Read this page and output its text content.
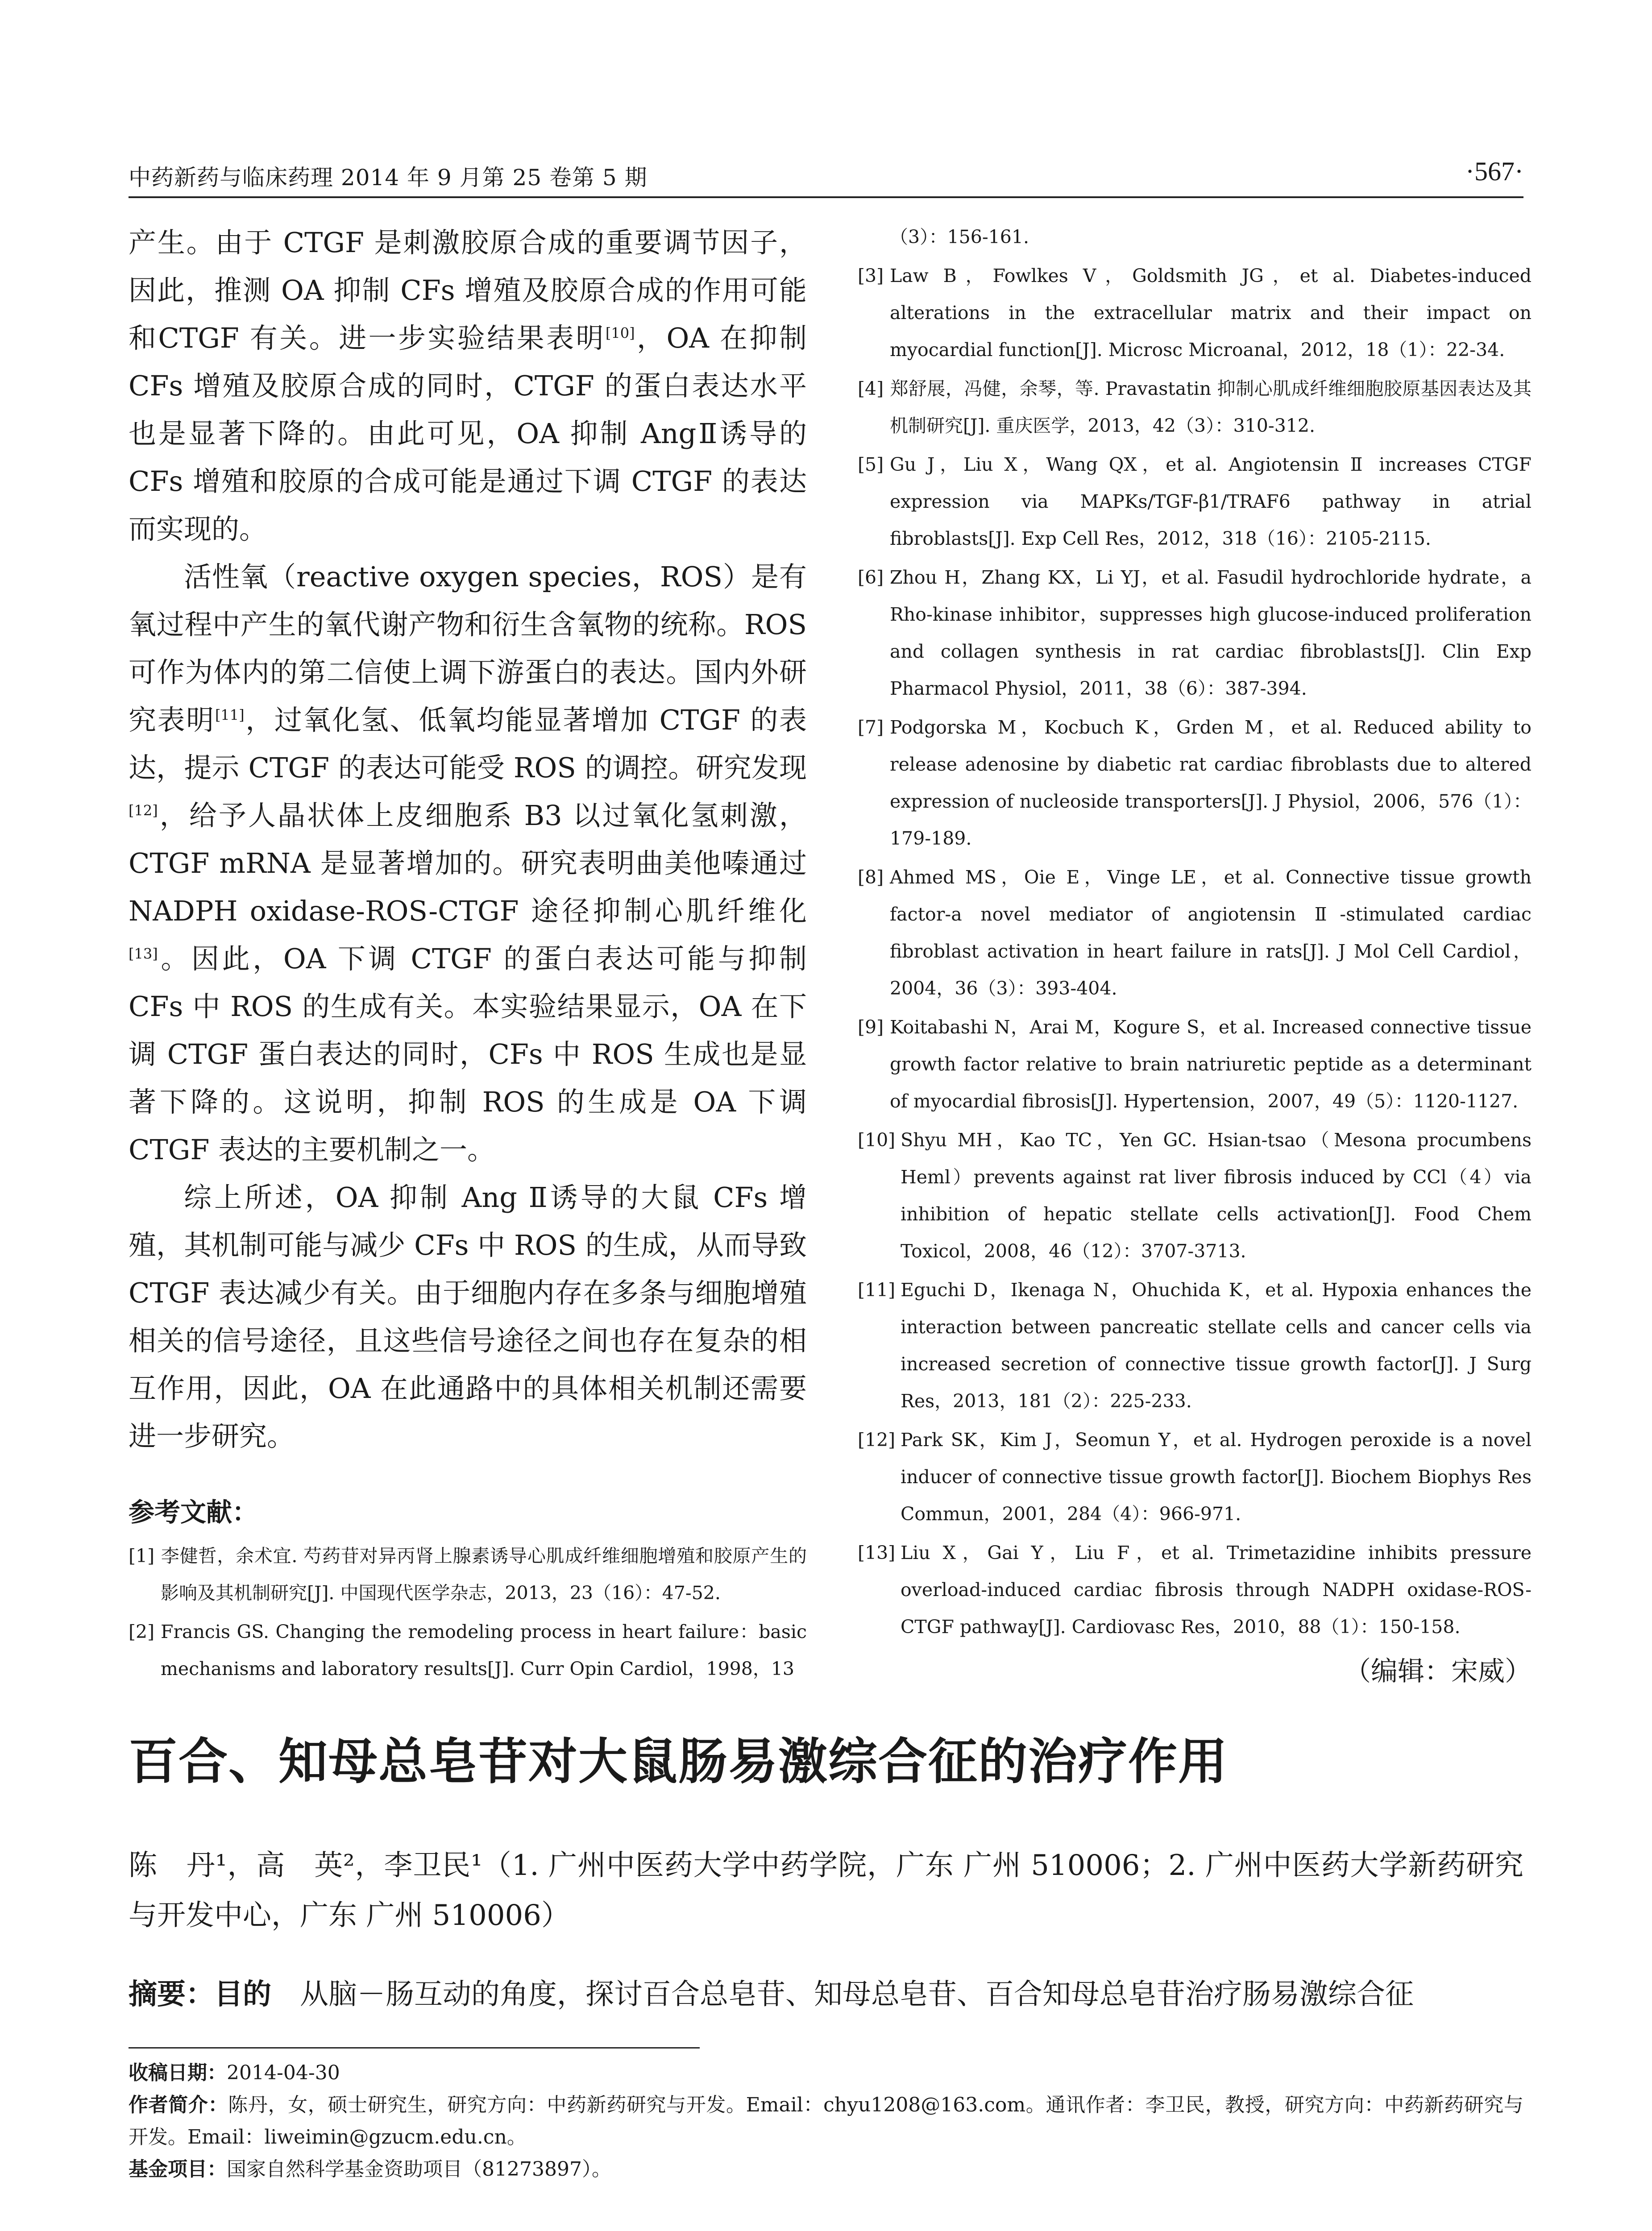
中药新药与临床药理 2014 年 9 月第 25 卷第 5 期	·567·

产生。由于 CTGF 是刺激胶原合成的重要调节因子，因此，推测 OA 抑制 CFs 增殖及胶原合成的作用可能和CTGF 有关。进一步实验结果表明[10]，OA 在抑制 CFs 增殖及胶原合成的同时，CTGF 的蛋白表达水平也是显著下降的。由此可见，OA 抑制 AngⅡ诱导的 CFs 增殖和胶原的合成可能是通过下调 CTGF 的表达而实现的。

活性氧（reactive oxygen species，ROS）是有氧过程中产生的氧代谢产物和衍生含氧物的统称。ROS 可作为体内的第二信使上调下游蛋白的表达。国内外研究表明[11]，过氧化氢、低氧均能显著增加 CTGF 的表达，提示 CTGF 的表达可能受 ROS 的调控。研究发现[12]，给予人晶状体上皮细胞系 B3 以过氧化氢刺激，CTGF mRNA 是显著增加的。研究表明曲美他嗪通过 NADPH oxidase-ROS-CTGF 途径抑制心肌纤维化[13]。因此，OA 下调 CTGF 的蛋白表达可能与抑制 CFs 中 ROS 的生成有关。本实验结果显示，OA 在下调 CTGF 蛋白表达的同时，CFs 中 ROS 生成也是显著下降的。这说明，抑制 ROS 的生成是 OA 下调 CTGF 表达的主要机制之一。

综上所述，OA 抑制 Ang Ⅱ诱导的大鼠 CFs 增殖，其机制可能与减少 CFs 中 ROS 的生成，从而导致 CTGF 表达减少有关。由于细胞内存在多条与细胞增殖相关的信号途径，且这些信号途径之间也存在复杂的相互作用，因此，OA 在此通路中的具体相关机制还需要进一步研究。

参考文献：

[1] 李健哲，余术宜. 芍药苷对异丙肾上腺素诱导心肌成纤维细胞增殖和胶原产生的影响及其机制研究[J]. 中国现代医学杂志，2013，23（16）：47-52.

[2] Francis GS. Changing the remodeling process in heart failure：basic mechanisms and laboratory results[J]. Curr Opin Cardiol，1998，13

（3）：156-161.

[3] Law B，Fowlkes V，Goldsmith JG，et al. Diabetes-induced alterations in the extracellular matrix and their impact on myocardial function[J]. Microsc Microanal，2012，18（1）：22-34.

[4] 郑舒展，冯健，余琴，等. Pravastatin 抑制心肌成纤维细胞胶原基因表达及其机制研究[J]. 重庆医学，2013，42（3）：310-312.

[5] Gu J，Liu X，Wang QX，et al. Angiotensin Ⅱ increases CTGF expression via MAPKs/TGF-β1/TRAF6 pathway in atrial fibroblasts[J]. Exp Cell Res，2012，318（16）：2105-2115.

[6] Zhou H，Zhang KX，Li YJ，et al. Fasudil hydrochloride hydrate，a Rho-kinase inhibitor，suppresses high glucose-induced proliferation and collagen synthesis in rat cardiac fibroblasts[J]. Clin Exp Pharmacol Physiol，2011，38（6）：387-394.

[7] Podgorska M，Kocbuch K，Grden M，et al. Reduced ability to release adenosine by diabetic rat cardiac fibroblasts due to altered expression of nucleoside transporters[J]. J Physiol，2006，576（1）：179-189.

[8] Ahmed MS，Oie E，Vinge LE，et al. Connective tissue growth factor-a novel mediator of angiotensin Ⅱ-stimulated cardiac fibroblast activation in heart failure in rats[J]. J Mol Cell Cardiol，2004，36（3）：393-404.

[9] Koitabashi N，Arai M，Kogure S，et al. Increased connective tissue growth factor relative to brain natriuretic peptide as a determinant of myocardial fibrosis[J]. Hypertension，2007，49（5）：1120-1127.

[10] Shyu MH，Kao TC，Yen GC. Hsian-tsao（Mesona procumbens Heml）prevents against rat liver fibrosis induced by CCl（4）via inhibition of hepatic stellate cells activation[J]. Food Chem Toxicol，2008，46（12）：3707-3713.

[11] Eguchi D，Ikenaga N，Ohuchida K，et al. Hypoxia enhances the interaction between pancreatic stellate cells and cancer cells via increased secretion of connective tissue growth factor[J]. J Surg Res，2013，181（2）：225-233.

[12] Park SK，Kim J，Seomun Y，et al. Hydrogen peroxide is a novel inducer of connective tissue growth factor[J]. Biochem Biophys Res Commun，2001，284（4）：966-971.

[13] Liu X，Gai Y，Liu F，et al. Trimetazidine inhibits pressure overload-induced cardiac fibrosis through NADPH oxidase-ROS-CTGF pathway[J]. Cardiovasc Res，2010，88（1）：150-158.

（编辑：宋威）
百合、知母总皂苷对大鼠肠易激综合征的治疗作用
陈　丹¹，高　英²，李卫民¹（1. 广州中医药大学中药学院，广东 广州 510006；2. 广州中医药大学新药研究与开发中心，广东 广州 510006）
摘要：目的　 从脑－肠互动的角度，探讨百合总皂苷、知母总皂苷、百合知母总皂苷治疗肠易激综合征

收稿日期：2014-04-30

作者简介：陈丹，女，硕士研究生，研究方向：中药新药研究与开发。Email：chyu1208@163.com。通讯作者：李卫民，教授，研究方向：中药新药研究与开发。Email：liweimin@gzucm.edu.cn。

基金项目：国家自然科学基金资助项目（81273897）。
